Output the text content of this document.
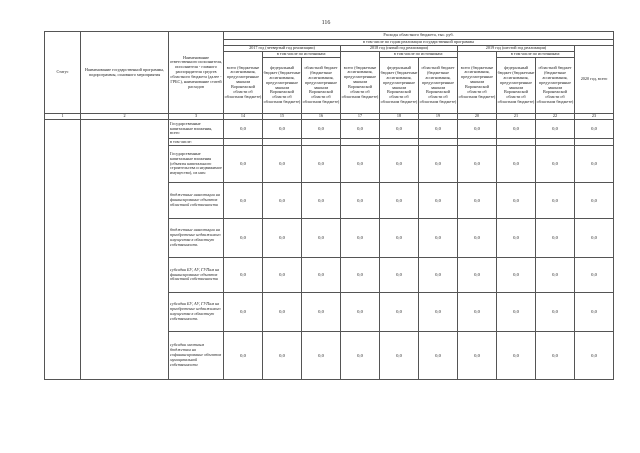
116
Статус	Наименование государственной программы, подпрограммы, основного мероприятия	Наименование ответственного исполнителя, исполнителя - главного распорядителя средств областного бюджета (далее - ГРБС), наименование статей расходов	Расходы областного бюджета, тыс. руб.									
			в том числе по годам реализации государственной программы									
			2017 год (четвертый год реализации)			2018 год (пятый год реализации)			2019 год (шестой год реализации)			2020 год, всего
			всего (бюджетные ассигнования, предусмотренные законом Воронежской области об областном бюджете)	в том числе по источникам:		всего (бюджетные ассигнования, предусмотренные законом Воронежской области об областном бюджете)	в том числе по источникам:		всего (бюджетные ассигнования, предусмотренные законом Воронежской области об областном бюджете)	в том числе по источникам:		
				федеральный бюджет (бюджетные ассигнования, предусмотренные законом Воронежской области об областном бюджете)	областной бюджет (бюджетные ассигнования, предусмотренные законом Воронежской области об областном бюджете)		федеральный бюджет (бюджетные ассигнования, предусмотренные законом Воронежской области об областном бюджете)	областной бюджет (бюджетные ассигнования, предусмотренные законом Воронежской области об областном бюджете)		федеральный бюджет (бюджетные ассигнования, предусмотренные законом Воронежской области об областном бюджете)	областной бюджет (бюджетные ассигнования, предусмотренные законом Воронежской области об областном бюджете)	
1	2	3	14	15	16	17	18	19	20	21	22	23
		Государственные капитальные вложения, всего	0,0	0,0	0,0	0,0	0,0	0,0	0,0	0,0	0,0	0,0
		в том числе:										
		Государственные капитальные вложения (объекты капитального строительства и недвижимое имущество), из них:	0,0	0,0	0,0	0,0	0,0	0,0	0,0	0,0	0,0	0,0
		бюджетные инвестиции на финансирование объектов областной собственности	0,0	0,0	0,0	0,0	0,0	0,0	0,0	0,0	0,0	0,0
		бюджетные инвестиции на приобретение недвижимого имущества в областную собственность	0,0	0,0	0,0	0,0	0,0	0,0	0,0	0,0	0,0	0,0
		субсидии БУ, АУ, ГУПам на финансирование объектов областной собственности	0,0	0,0	0,0	0,0	0,0	0,0	0,0	0,0	0,0	0,0
		субсидии БУ, АУ, ГУПам на приобретение недвижимого имущества в областную собственность	0,0	0,0	0,0	0,0	0,0	0,0	0,0	0,0	0,0	0,0
		субсидии местным бюджетам на софинансирование объектов муниципальной собственности	0,0	0,0	0,0	0,0	0,0	0,0	0,0	0,0	0,0	0,0
